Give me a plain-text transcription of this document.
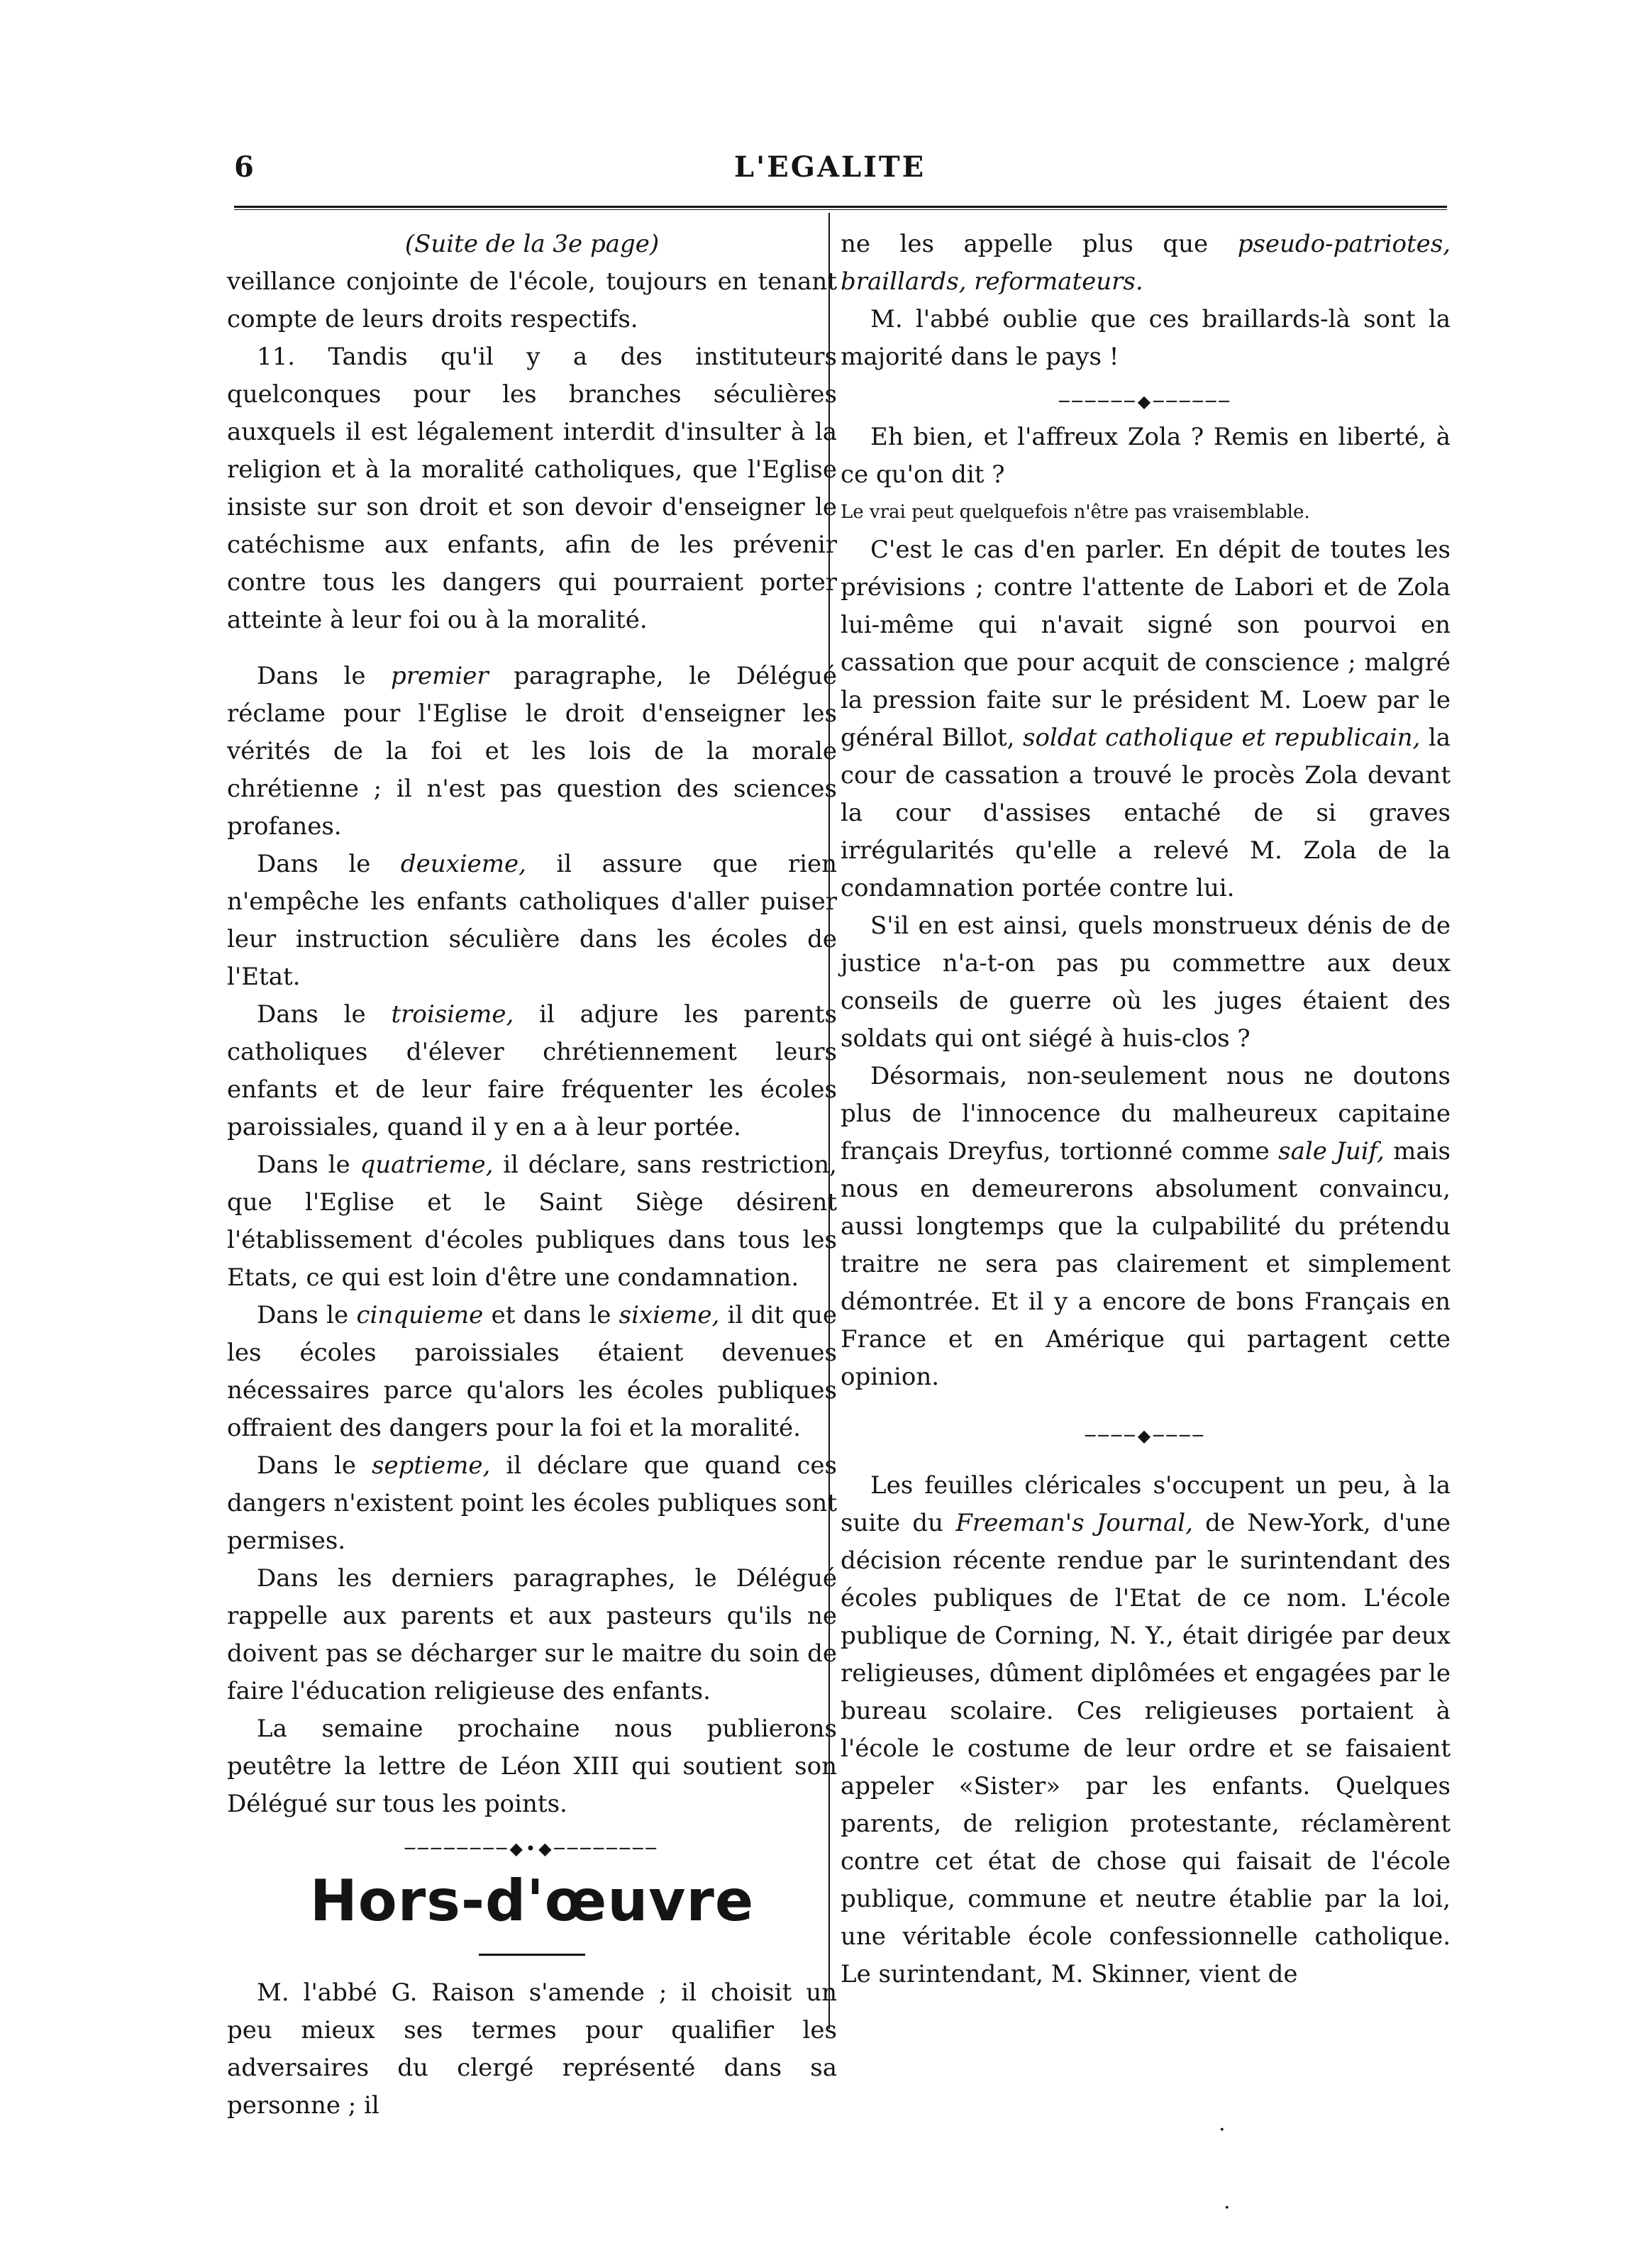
6	L'EGALITE

(Suite de la 3e page)

veillance conjointe de l'école, toujours en tenant compte de leurs droits respectifs.

11. Tandis qu'il y a des instituteurs quelconques pour les branches séculières auxquels il est légalement interdit d'insulter à la religion et à la moralité catholiques, que l'Eglise insiste sur son droit et son devoir d'enseigner le catéchisme aux enfants, afin de les prévenir contre tous les dangers qui pourraient porter atteinte à leur foi ou à la moralité.

Dans le premier paragraphe, le Délégué réclame pour l'Eglise le droit d'enseigner les vérités de la foi et les lois de la morale chrétienne ; il n'est pas question des sciences profanes.

Dans le deuxieme, il assure que rien n'empêche les enfants catholiques d'aller puiser leur instruction séculière dans les écoles de l'Etat.

Dans le troisieme, il adjure les parents catholiques d'élever chrétiennement leurs enfants et de leur faire fréquenter les écoles paroissiales, quand il y en a à leur portée.

Dans le quatrieme, il déclare, sans restriction, que l'Eglise et le Saint Siège désirent l'établissement d'écoles publiques dans tous les Etats, ce qui est loin d'être une condamnation.

Dans le cinquieme et dans le sixieme, il dit que les écoles paroissiales étaient devenues nécessaires parce qu'alors les écoles publiques offraient des dangers pour la foi et la moralité.

Dans le septieme, il déclare que quand ces dangers n'existent point les écoles publiques sont permises.

Dans les derniers paragraphes, le Délégué rappelle aux parents et aux pasteurs qu'ils ne doivent pas se décharger sur le maitre du soin de faire l'éducation religieuse des enfants.

La semaine prochaine nous publierons peutêtre la lettre de Léon XIII qui soutient son Délégué sur tous les points.

────────◆•◆────────
Hors-d'œuvre

M. l'abbé G. Raison s'amende ; il choisit un peu mieux ses termes pour qualifier les adversaires du clergé représenté dans sa personne ; il

ne les appelle plus que pseudo-patriotes, braillards, reformateurs.

M. l'abbé oublie que ces braillards-là sont la majorité dans le pays !

──────◆──────

Eh bien, et l'affreux Zola ? Remis en liberté, à ce qu'on dit ?

Le vrai peut quelquefois n'être pas vraisemblable.

C'est le cas d'en parler. En dépit de toutes les prévisions ; contre l'attente de Labori et de Zola lui-même qui n'avait signé son pourvoi en cassation que pour acquit de conscience ; malgré la pression faite sur le président M. Loew par le général Billot, soldat catholique et republicain, la cour de cassation a trouvé le procès Zola devant la cour d'assises entaché de si graves irrégularités qu'elle a relevé M. Zola de la condamnation portée contre lui.

S'il en est ainsi, quels monstrueux dénis de de justice n'a-t-on pas pu commettre aux deux conseils de guerre où les juges étaient des soldats qui ont siégé à huis-clos ?

Désormais, non-seulement nous ne doutons plus de l'innocence du malheureux capitaine français Dreyfus, tortionné comme sale Juif, mais nous en demeurerons absolument convaincu, aussi longtemps que la culpabilité du prétendu traitre ne sera pas clairement et simplement démontrée. Et il y a encore de bons Français en France et en Amérique qui partagent cette opinion.

────◆────

Les feuilles cléricales s'occupent un peu, à la suite du Freeman's Journal, de New-York, d'une décision récente rendue par le surintendant des écoles publiques de l'Etat de ce nom. L'école publique de Corning, N. Y., était dirigée par deux religieuses, dûment diplômées et engagées par le bureau scolaire. Ces religieuses portaient à l'école le costume de leur ordre et se faisaient appeler «Sister» par les enfants. Quelques parents, de religion protestante, réclamèrent contre cet état de chose qui faisait de l'école publique, commune et neutre établie par la loi, une véritable école confessionnelle catholique. Le surintendant, M. Skinner, vient de

·
·
